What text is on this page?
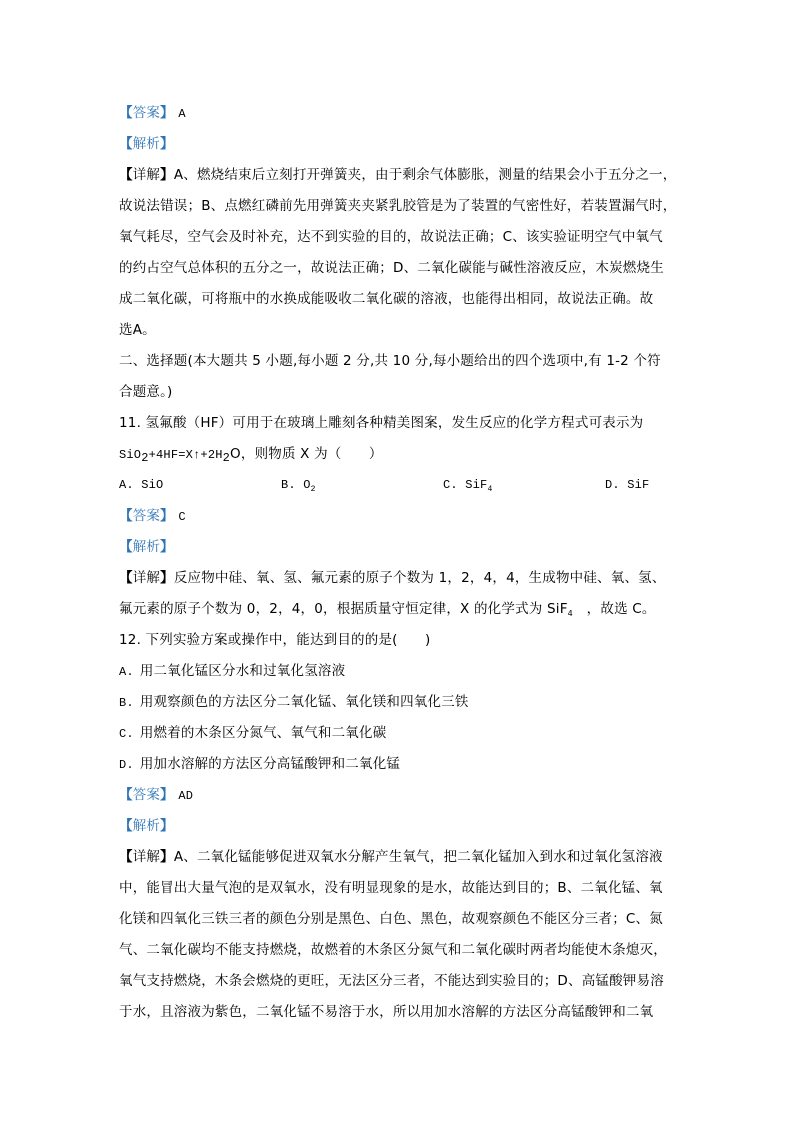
【答案】 A
【解析】
【详解】A、燃烧结束后立刻打开弹簧夹，由于剩余气体膨胀，测量的结果会小于五分之一，
故说法错误；B、点燃红磷前先用弹簧夹夹紧乳胶管是为了装置的气密性好，若装置漏气时，
氧气耗尽，空气会及时补充，达不到实验的目的，故说法正确；C、该实验证明空气中氧气
的约占空气总体积的五分之一，故说法正确；D、二氧化碳能与碱性溶液反应，木炭燃烧生
成二氧化碳，可将瓶中的水换成能吸收二氧化碳的溶液，也能得出相同，故说法正确。故
选A。
二、选择题(本大题共 5 小题,每小题 2 分,共 10 分,每小题给出的四个选项中,有 1-2 个符
合题意。)
11. 氢氟酸（HF）可用于在玻璃上雕刻各种精美图案，发生反应的化学方程式可表示为
$SiO_2+4HF=X↑+2H_2O$，则物质 X 为（　　）
A. SiO	B. $O_2$	C. SiF$_4$	D. SiF
【答案】 C
【解析】
【详解】反应物中硅、氧、氢、氟元素的原子个数为 1，2，4，4，生成物中硅、氧、氢、
氟元素的原子个数为 0，2，4，0，根据质量守恒定律，X 的化学式为 SiF$_4$　，故选 C。
12. 下列实验方案或操作中，能达到目的的是(　　)
A. 用二氧化锰区分水和过氧化氢溶液
B. 用观察颜色的方法区分二氧化锰、氧化镁和四氧化三铁
C. 用燃着的木条区分氮气、氧气和二氧化碳
D. 用加水溶解的方法区分高锰酸钾和二氧化锰
【答案】 AD
【解析】
【详解】A、二氧化锰能够促进双氧水分解产生氧气，把二氧化锰加入到水和过氧化氢溶液
中，能冒出大量气泡的是双氧水，没有明显现象的是水，故能达到目的；B、二氧化锰、氧
化镁和四氧化三铁三者的颜色分别是黑色、白色、黑色，故观察颜色不能区分三者；C、氮
气、二氧化碳均不能支持燃烧，故燃着的木条区分氮气和二氧化碳时两者均能使木条熄灭，
氧气支持燃烧，木条会燃烧的更旺，无法区分三者，不能达到实验目的；D、高锰酸钾易溶
于水，且溶液为紫色，二氧化锰不易溶于水，所以用加水溶解的方法区分高锰酸钾和二氧
